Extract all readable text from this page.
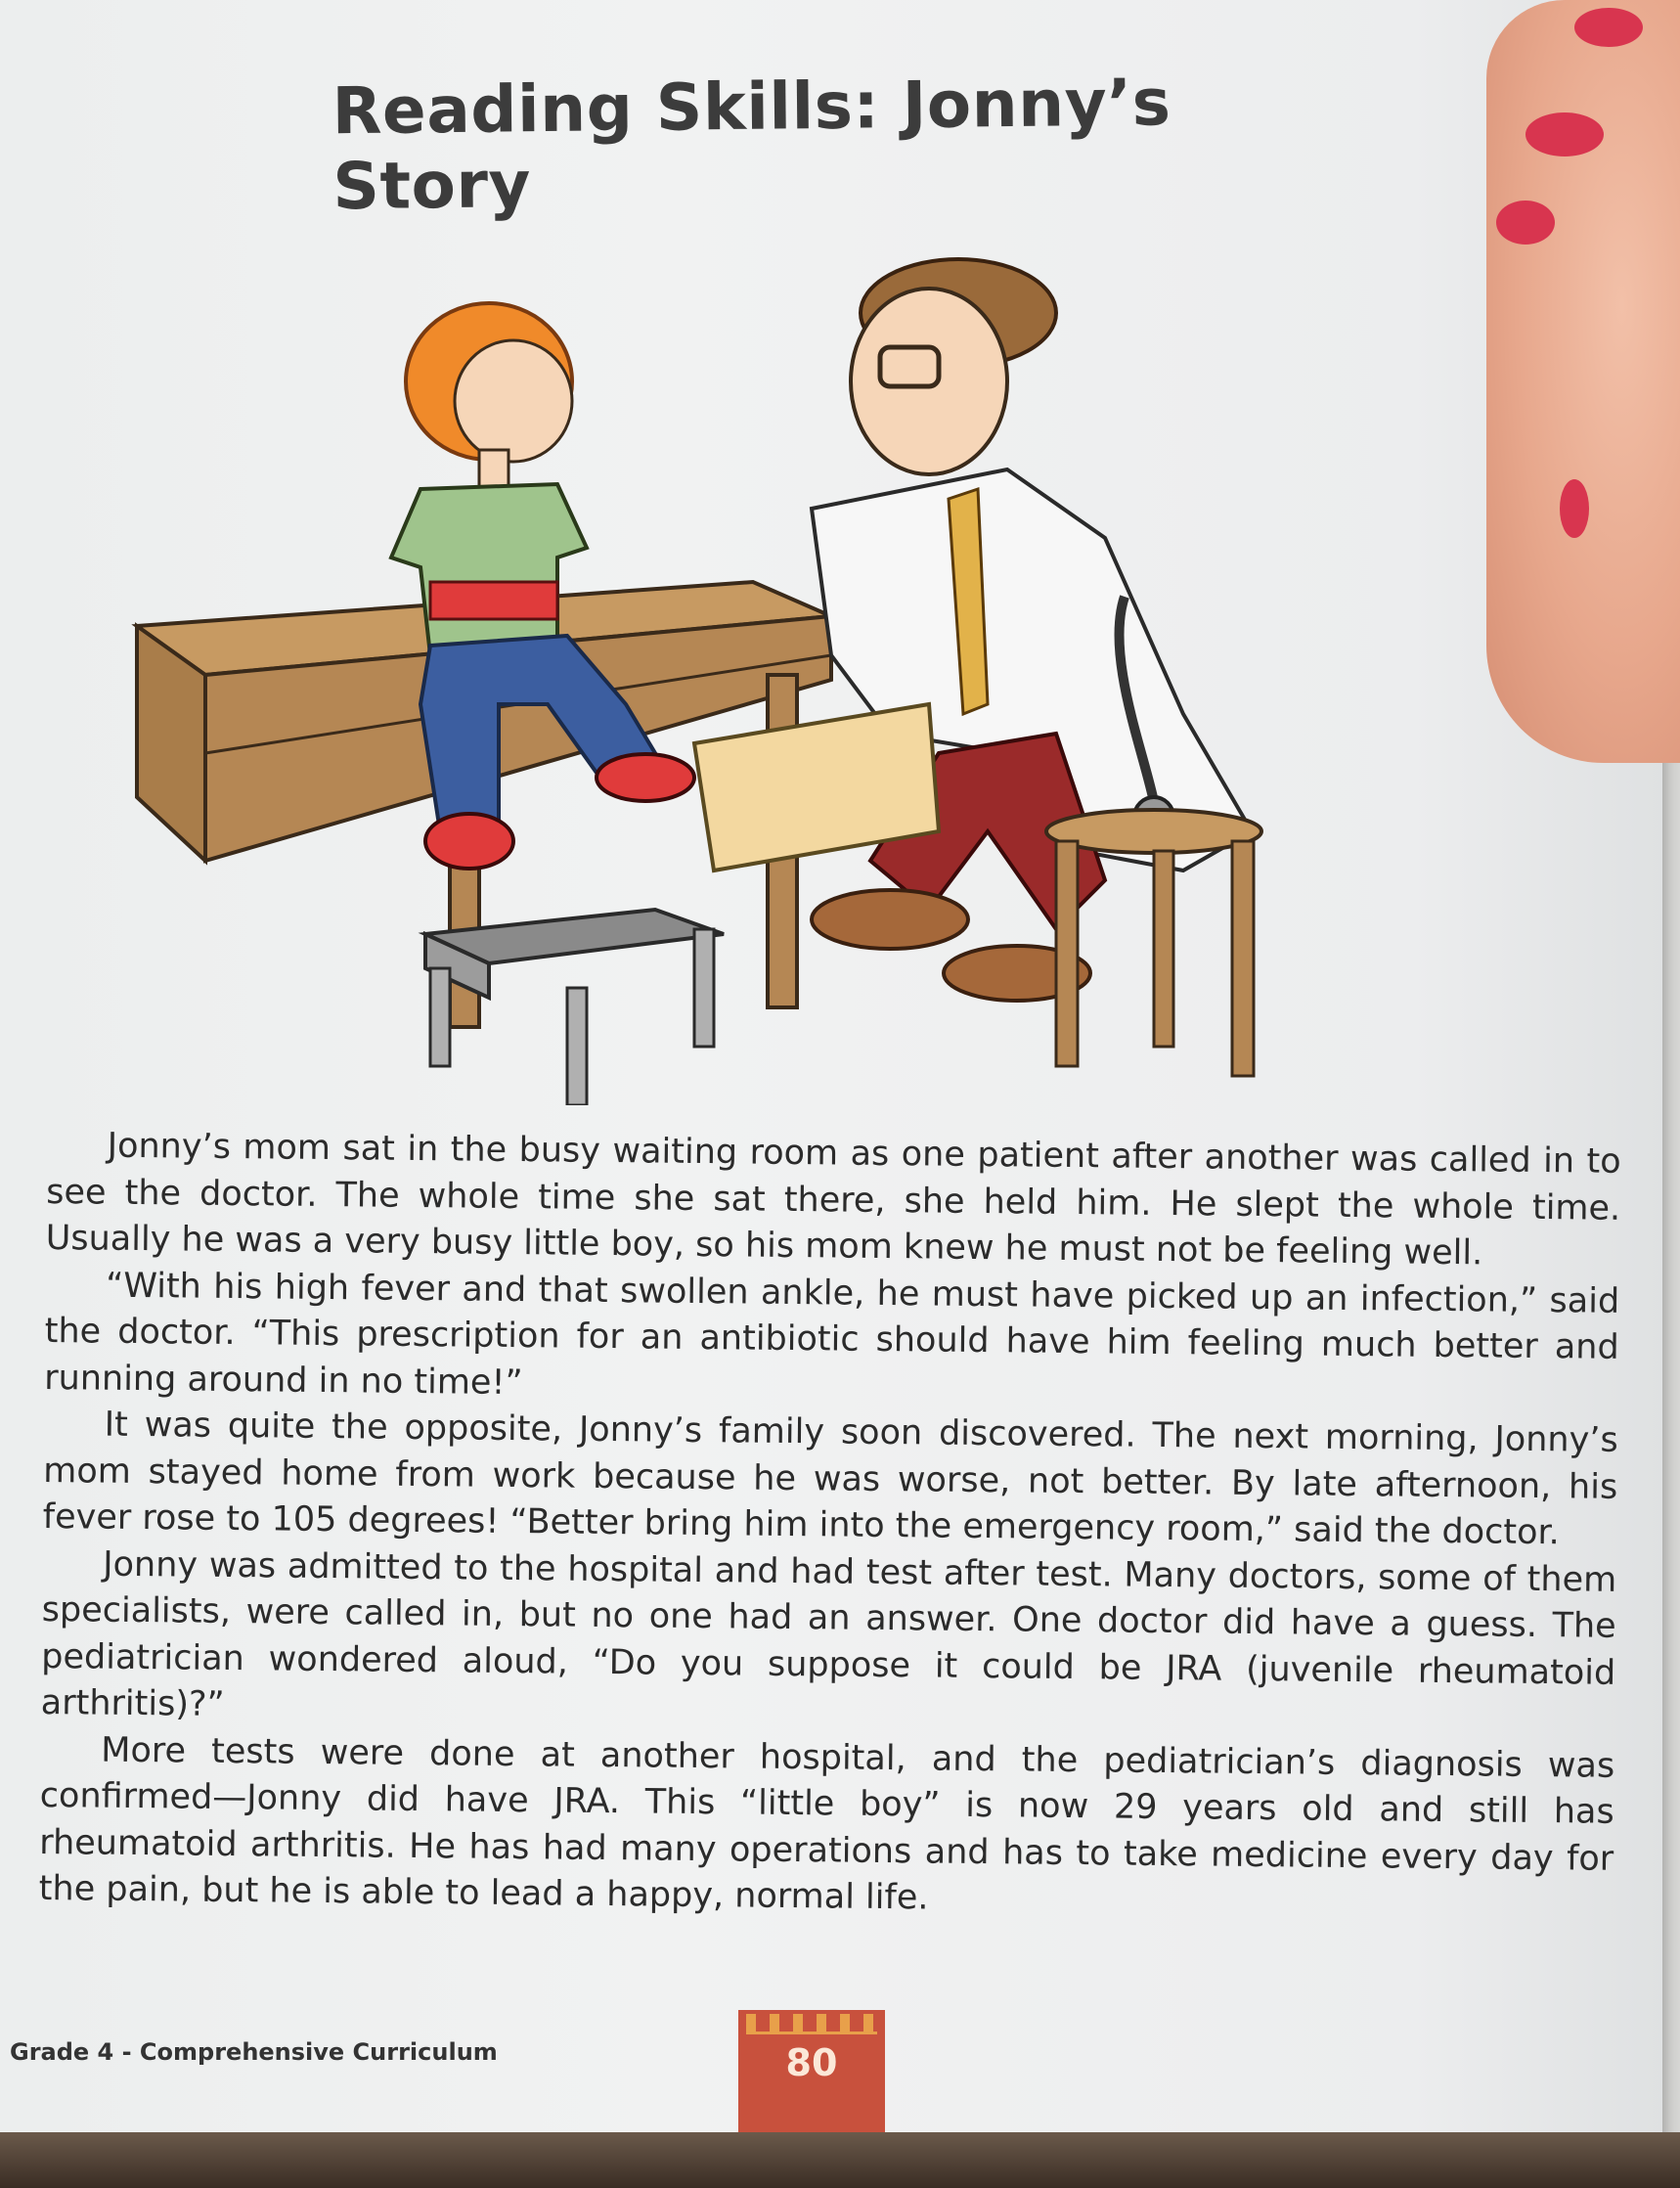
Reading Skills: Jonny’s Story

Jonny’s mom sat in the busy waiting room as one patient after another was called in to see the doctor. The whole time she sat there, she held him. He slept the whole time. Usually he was a very busy little boy, so his mom knew he must not be feeling well.

“With his high fever and that swollen ankle, he must have picked up an infection,” said the doctor. “This prescription for an antibiotic should have him feeling much better and running around in no time!”

It was quite the opposite, Jonny’s family soon discovered. The next morning, Jonny’s mom stayed home from work because he was worse, not better. By late afternoon, his fever rose to 105 degrees! “Better bring him into the emergency room,” said the doctor.

Jonny was admitted to the hospital and had test after test. Many doctors, some of them specialists, were called in, but no one had an answer. One doctor did have a guess. The pediatrician wondered aloud, “Do you suppose it could be JRA (juvenile rheumatoid arthritis)?”

More tests were done at another hospital, and the pediatrician’s diagnosis was confirmed—Jonny did have JRA. This “little boy” is now 29 years old and still has rheumatoid arthritis. He has had many operations and has to take medicine every day for the pain, but he is able to lead a happy, normal life.

Grade 4 - Comprehensive Curriculum	80
